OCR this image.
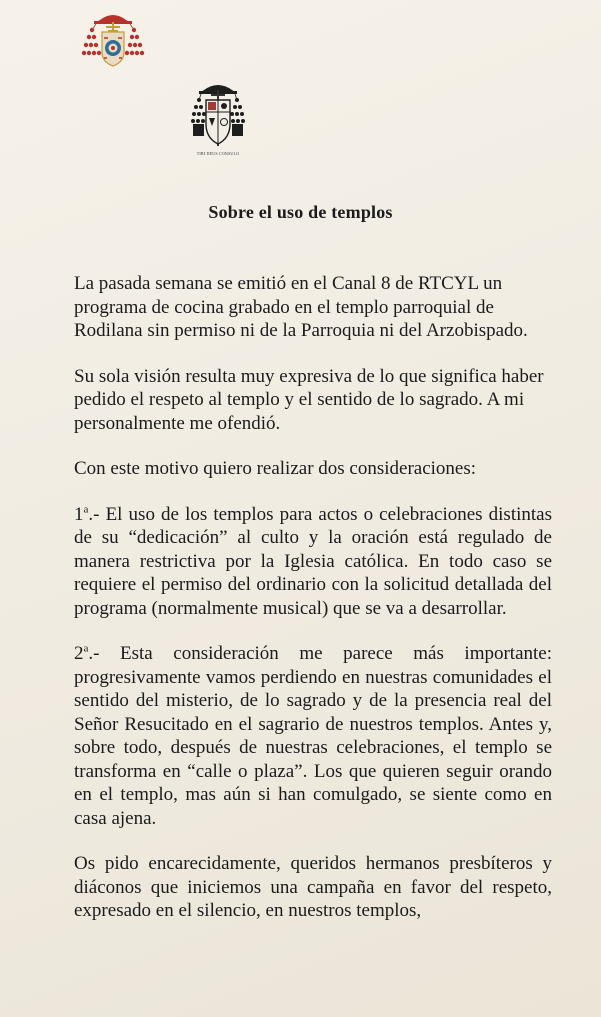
TIBI DEUS CONSULO
Sobre el uso de templos

La pasada semana se emitió en el Canal 8 de RTCYL un programa de cocina grabado en el templo parroquial de Rodilana sin permiso ni de la Parroquia ni del Arzobispado.

Su sola visión resulta muy expresiva de lo que significa haber pedido el respeto al templo y el sentido de lo sagrado. A mi personalmente me ofendió.

Con este motivo quiero realizar dos consideraciones:

1$^a$.- El uso de los templos para actos o celebraciones distintas de su “dedicación” al culto y la oración está regulado de manera restrictiva por la Iglesia católica. En todo caso se requiere el permiso del ordinario con la solicitud detallada del programa (normalmente musical) que se va a desarrollar.

2$^a$.- Esta consideración me parece más importante: progresivamente vamos perdiendo en nuestras comunidades el sentido del misterio, de lo sagrado y de la presencia real del Señor Resucitado en el sagrario de nuestros templos. Antes y, sobre todo, después de nuestras celebraciones, el templo se transforma en “calle o plaza”. Los que quieren seguir orando en el templo, mas aún si han comulgado, se siente como en casa ajena.

Os pido encarecidamente, queridos hermanos presbíteros y diáconos que iniciemos una campaña en favor del respeto, expresado en el silencio, en nuestros templos,
